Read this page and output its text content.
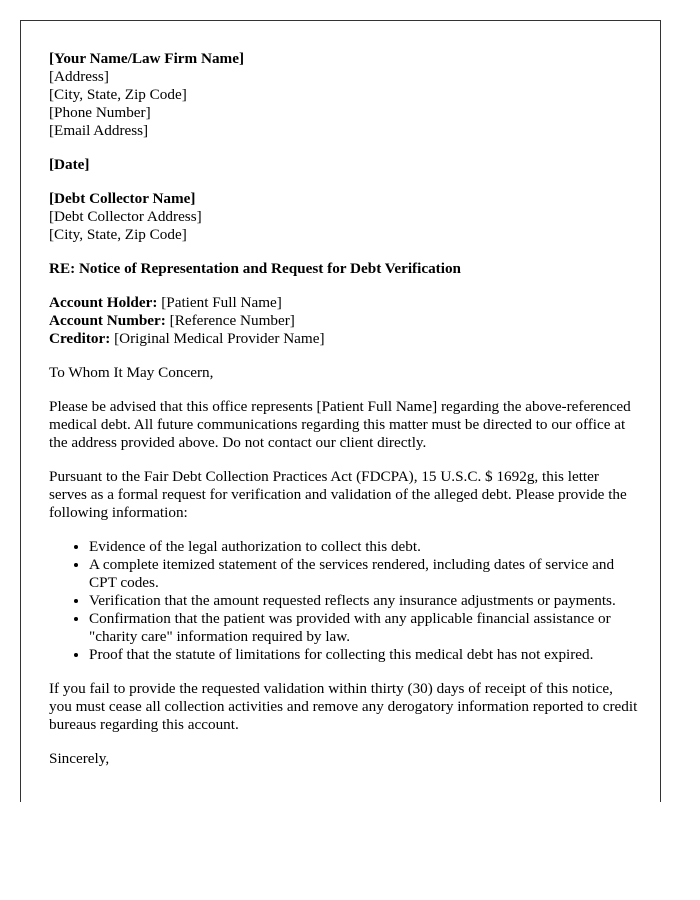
[Your Name/Law Firm Name]
[Address]
[City, State, Zip Code]
[Phone Number]
[Email Address]
[Date]
[Debt Collector Name]
[Debt Collector Address]
[City, State, Zip Code]
RE: Notice of Representation and Request for Debt Verification
Account Holder: [Patient Full Name]
Account Number: [Reference Number]
Creditor: [Original Medical Provider Name]

To Whom It May Concern,

Please be advised that this office represents [Patient Full Name] regarding the above-referenced medical debt. All future communications regarding this matter must be directed to our office at the address provided above. Do not contact our client directly.

Pursuant to the Fair Debt Collection Practices Act (FDCPA), 15 U.S.C. $ 1692g, this letter serves as a formal request for verification and validation of the alleged debt. Please provide the following information:

• Evidence of the legal authorization to collect this debt.
• A complete itemized statement of the services rendered, including dates of service and CPT codes.
• Verification that the amount requested reflects any insurance adjustments or payments.
• Confirmation that the patient was provided with any applicable financial assistance or "charity care" information required by law.
• Proof that the statute of limitations for collecting this medical debt has not expired.

If you fail to provide the requested validation within thirty (30) days of receipt of this notice, you must cease all collection activities and remove any derogatory information reported to credit bureaus regarding this account.

Sincerely,
